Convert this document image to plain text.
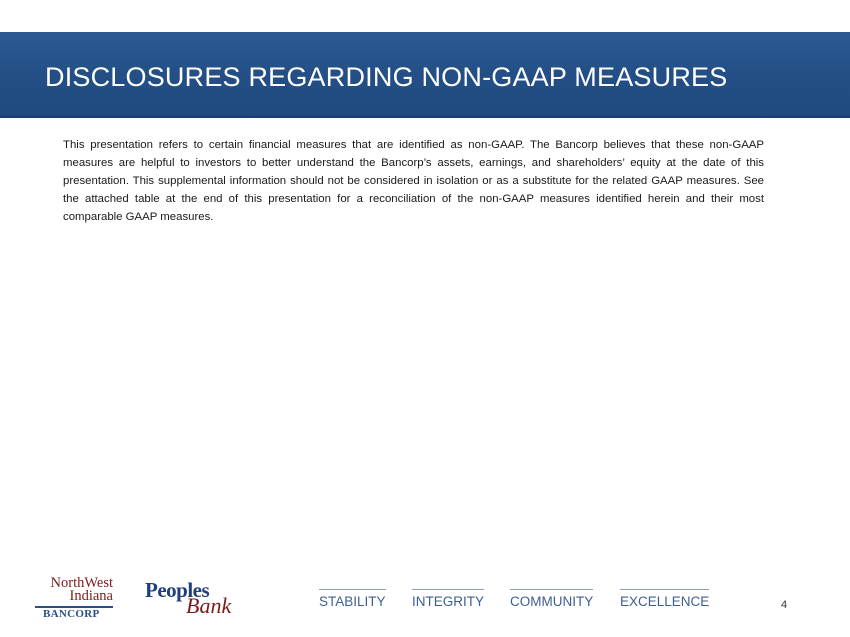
DISCLOSURES REGARDING NON-GAAP MEASURES

This presentation refers to certain financial measures that are identified as non-GAAP. The Bancorp believes that these non-GAAP measures are helpful to investors to better understand the Bancorp’s assets, earnings, and shareholders’ equity at the date of this presentation. This supplemental information should not be considered in isolation or as a substitute for the related GAAP measures. See the attached table at the end of this presentation for a reconciliation of the non-GAAP measures identified herein and their most comparable GAAP measures.

NorthWest
Indiana
BANCORP
Peoples
Bank	STABILITY INTEGRITY COMMUNITY EXCELLENCE	4
